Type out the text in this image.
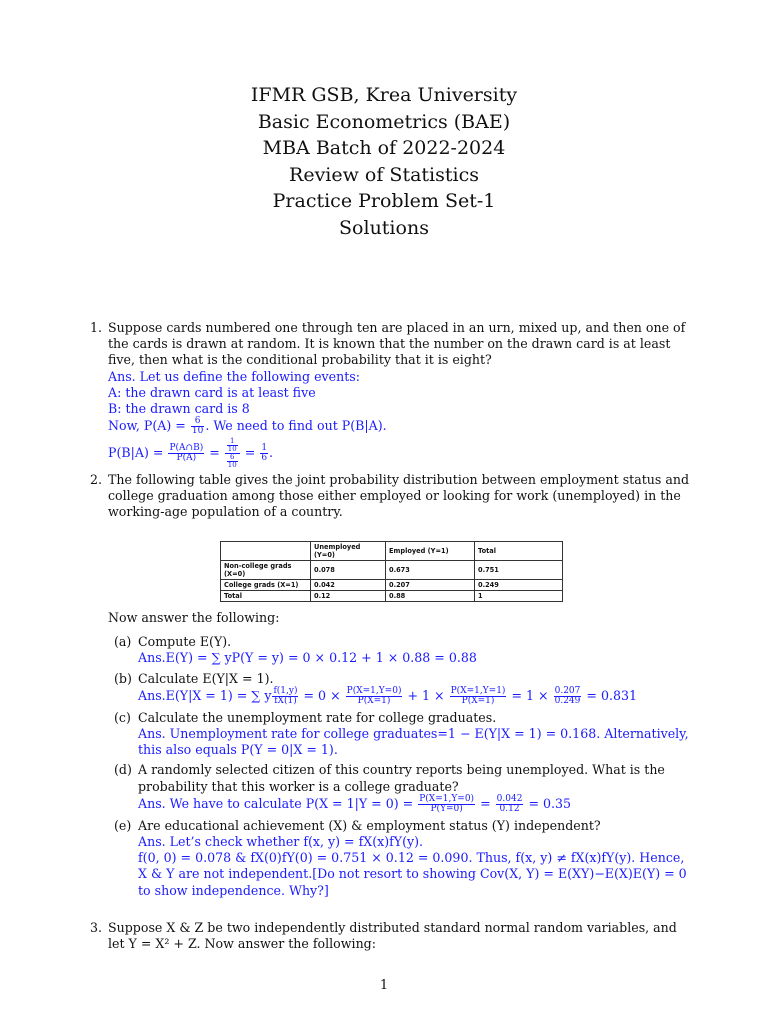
IFMR GSB, Krea University
Basic Econometrics (BAE)
MBA Batch of 2022-2024
Review of Statistics
Practice Problem Set-1
Solutions
1. Suppose cards numbered one through ten are placed in an urn, mixed up, and then one of the cards is drawn at random. It is known that the number on the drawn card is at least five, then what is the conditional probability that it is eight?
Ans. Let us define the following events:
A: the drawn card is at least five
B: the drawn card is 8
Now, $P(A) = \frac{6}{10}$ . We need to find out P(B|A).
$P(B|A) = \frac{P(A\cap B)}{P(A)} = \frac{\frac{1}{10}}{\frac{6}{10}} = \frac{1}{6}$ .
2. The following table gives the joint probability distribution between employment status and college graduation among those either employed or looking for work (unemployed) in the working-age population of a country.
	Unemployed (Y=0)	Employed (Y=1)	Total
Non-college grads (X=0)	0.078	0.673	0.751
College grads (X=1)	0.042	0.207	0.249
Total	0.12	0.88	1
Now answer the following:
(a) Compute E(Y).
Ans.E(Y) = ∑ yP(Y = y) = 0 × 0.12 + 1 × 0.88 = 0.88
(b) Calculate E(Y|X = 1).
Ans.E(Y|X = 1) = ∑ y $\frac{f(1,y)}{fX(1)} = 0 \times \frac{P(X=1,Y=0)}{P(X=1)} + 1 \times \frac{P(X=1,Y=1)}{P(X=1)} = 1 \times \frac{0.207}{0.249} = 0.831$
(c) Calculate the unemployment rate for college graduates.
Ans. Unemployment rate for college graduates=1 − E(Y|X = 1) = 0.168. Alternatively, this also equals P(Y = 0|X = 1).
(d) A randomly selected citizen of this country reports being unemployed. What is the probability that this worker is a college graduate?
Ans. We have to calculate $P(X = 1|Y = 0) = \frac{P(X=1,Y=0)}{P(Y=0)} = \frac{0.042}{0.12} = 0.35$
(e) Are educational achievement (X) & employment status (Y) independent?
Ans. Let’s check whether f(x, y) = fX(x)fY(y).
f(0, 0) = 0.078 & fX(0)fY(0) = 0.751 × 0.12 = 0.090. Thus, f(x, y) ≠ fX(x)fY(y). Hence, X & Y are not independent.[Do not resort to showing Cov(X, Y) = E(XY)−E(X)E(Y) = 0 to show independence. Why?]
3. Suppose X & Z be two independently distributed standard normal random variables, and let Y = X² + Z. Now answer the following:
1
